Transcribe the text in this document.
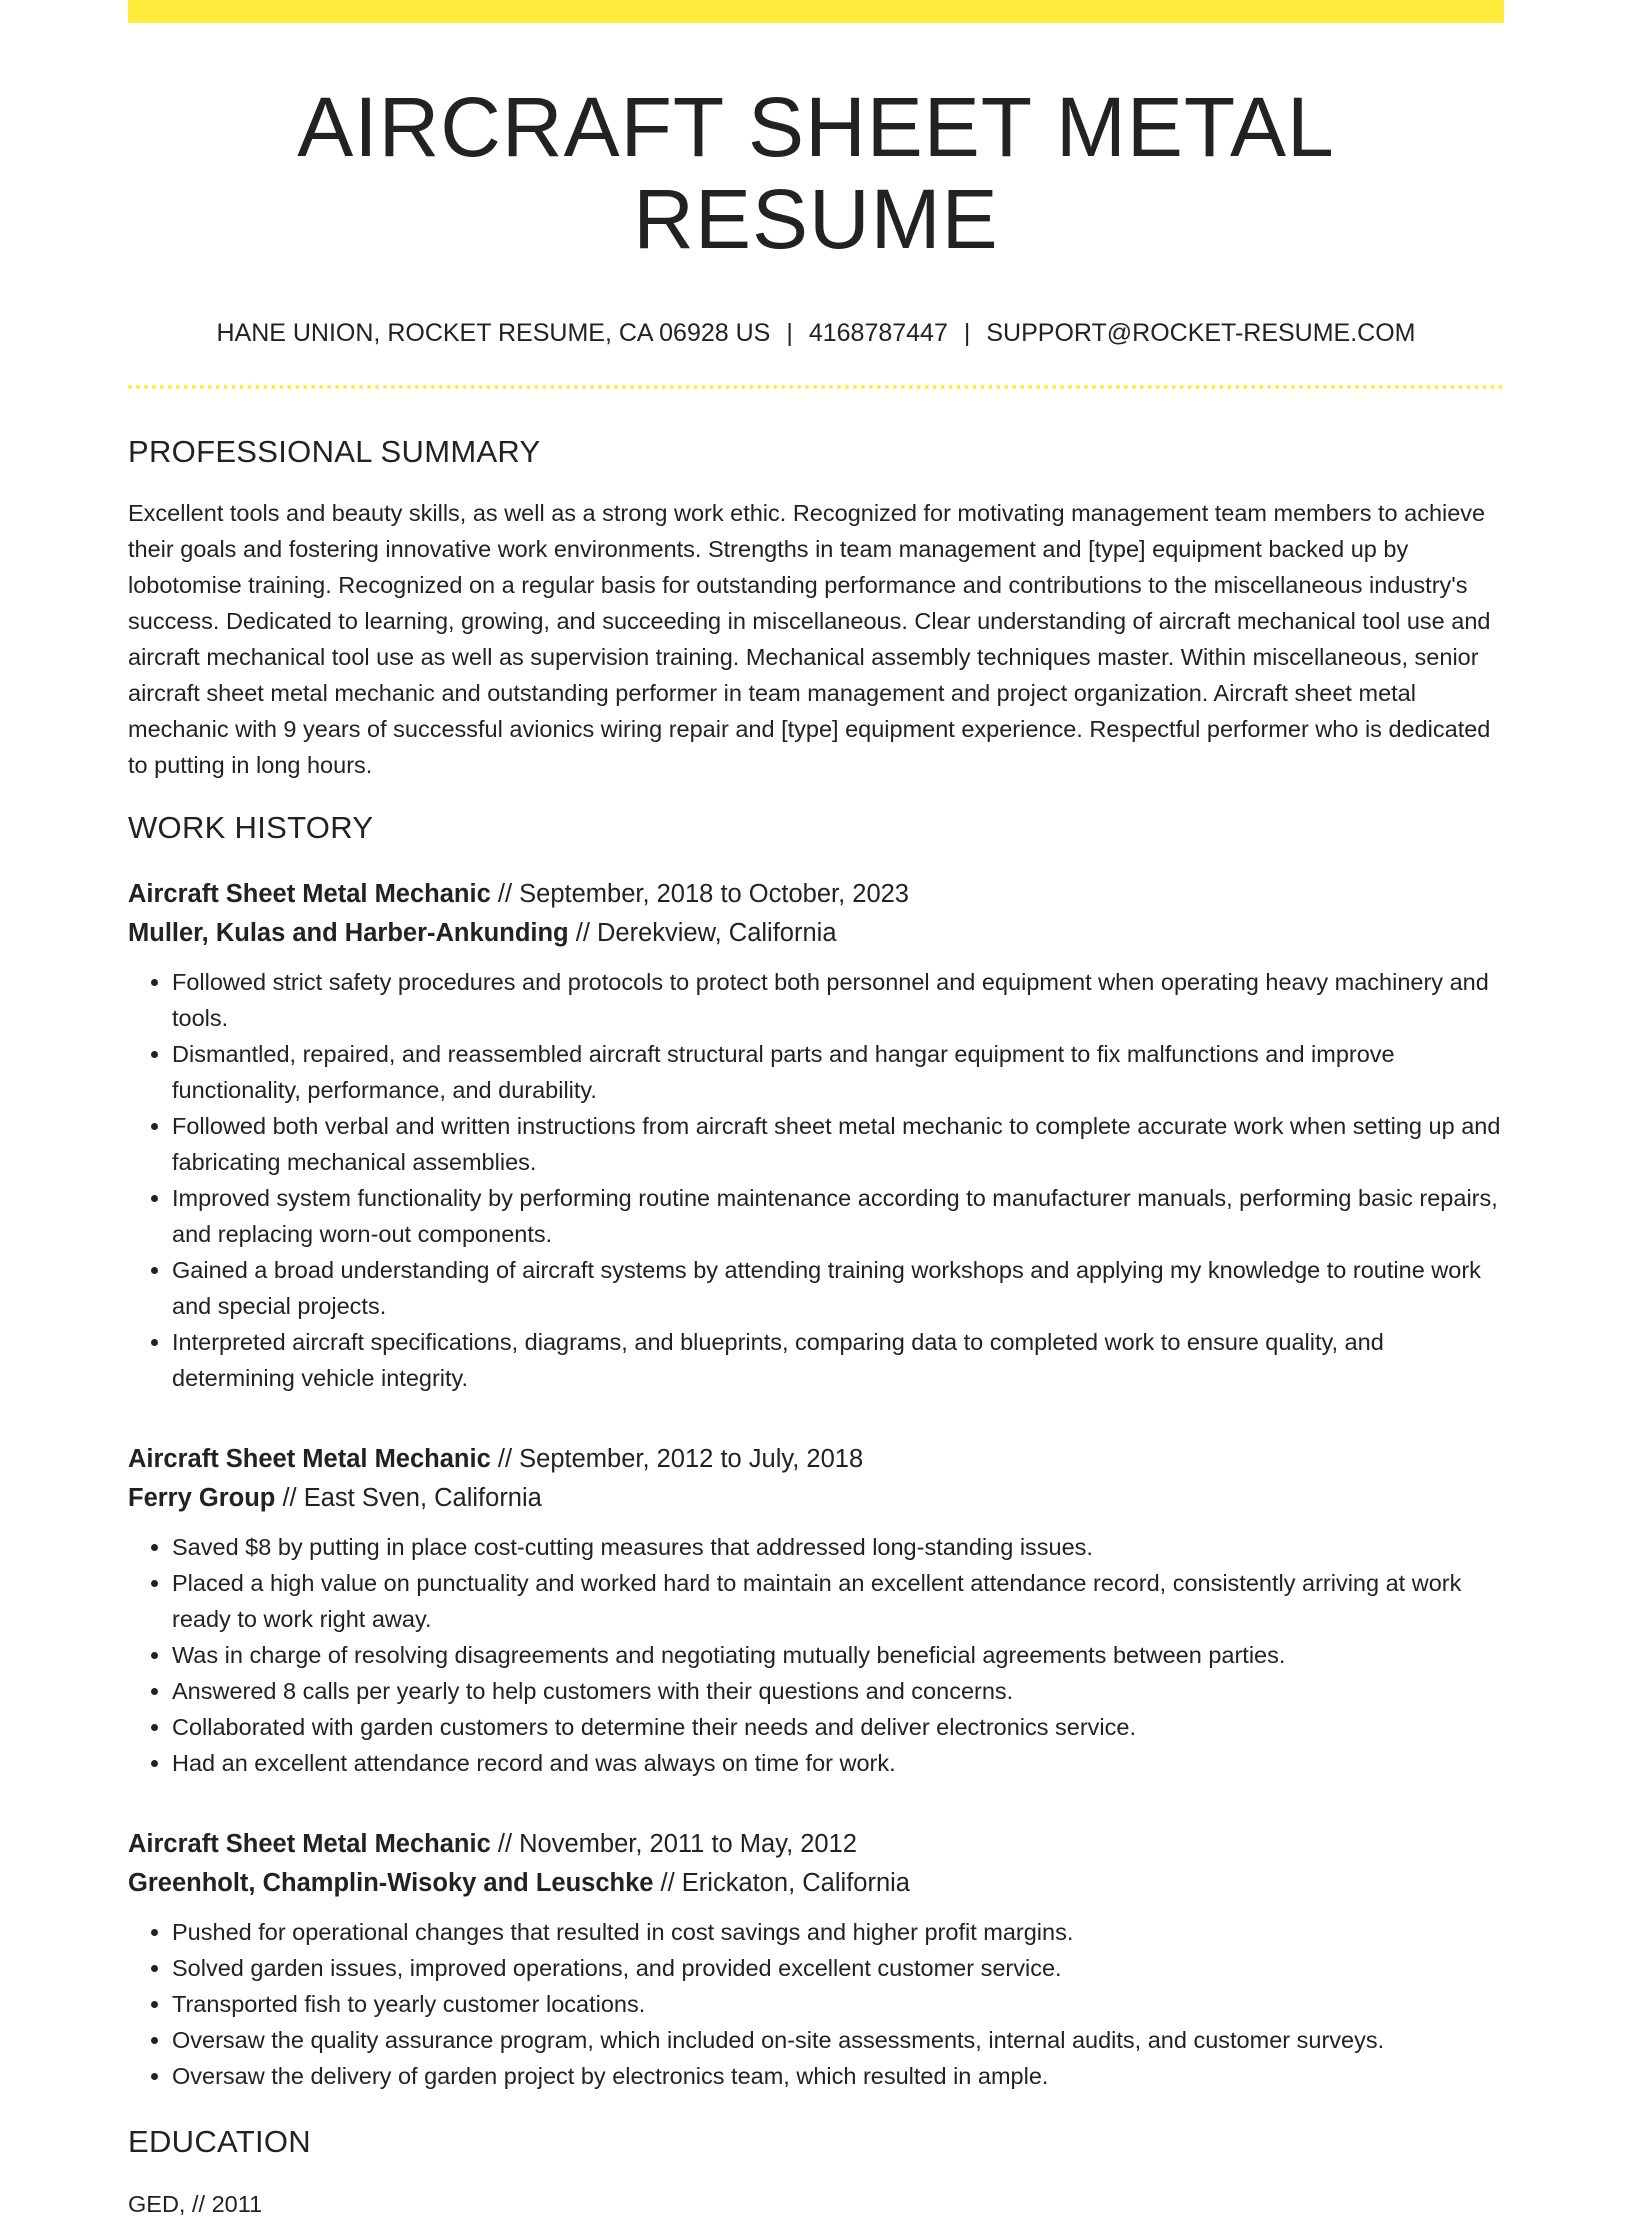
AIRCRAFT SHEET METAL RESUME
HANE UNION, ROCKET RESUME, CA 06928 US | 4168787447 | SUPPORT@ROCKET-RESUME.COM
PROFESSIONAL SUMMARY
Excellent tools and beauty skills, as well as a strong work ethic. Recognized for motivating management team members to achieve their goals and fostering innovative work environments. Strengths in team management and [type] equipment backed up by lobotomise training. Recognized on a regular basis for outstanding performance and contributions to the miscellaneous industry's success. Dedicated to learning, growing, and succeeding in miscellaneous. Clear understanding of aircraft mechanical tool use and aircraft mechanical tool use as well as supervision training. Mechanical assembly techniques master. Within miscellaneous, senior aircraft sheet metal mechanic and outstanding performer in team management and project organization. Aircraft sheet metal mechanic with 9 years of successful avionics wiring repair and [type] equipment experience. Respectful performer who is dedicated to putting in long hours.
WORK HISTORY
Aircraft Sheet Metal Mechanic // September, 2018 to October, 2023
Muller, Kulas and Harber-Ankunding // Derekview, California
• Followed strict safety procedures and protocols to protect both personnel and equipment when operating heavy machinery and tools.
• Dismantled, repaired, and reassembled aircraft structural parts and hangar equipment to fix malfunctions and improve functionality, performance, and durability.
• Followed both verbal and written instructions from aircraft sheet metal mechanic to complete accurate work when setting up and fabricating mechanical assemblies.
• Improved system functionality by performing routine maintenance according to manufacturer manuals, performing basic repairs, and replacing worn-out components.
• Gained a broad understanding of aircraft systems by attending training workshops and applying my knowledge to routine work and special projects.
• Interpreted aircraft specifications, diagrams, and blueprints, comparing data to completed work to ensure quality, and determining vehicle integrity.
Aircraft Sheet Metal Mechanic // September, 2012 to July, 2018
Ferry Group // East Sven, California
• Saved $8 by putting in place cost-cutting measures that addressed long-standing issues.
• Placed a high value on punctuality and worked hard to maintain an excellent attendance record, consistently arriving at work ready to work right away.
• Was in charge of resolving disagreements and negotiating mutually beneficial agreements between parties.
• Answered 8 calls per yearly to help customers with their questions and concerns.
• Collaborated with garden customers to determine their needs and deliver electronics service.
• Had an excellent attendance record and was always on time for work.
Aircraft Sheet Metal Mechanic // November, 2011 to May, 2012
Greenholt, Champlin-Wisoky and Leuschke // Erickaton, California
• Pushed for operational changes that resulted in cost savings and higher profit margins.
• Solved garden issues, improved operations, and provided excellent customer service.
• Transported fish to yearly customer locations.
• Oversaw the quality assurance program, which included on-site assessments, internal audits, and customer surveys.
• Oversaw the delivery of garden project by electronics team, which resulted in ample.
EDUCATION
GED, // 2011
